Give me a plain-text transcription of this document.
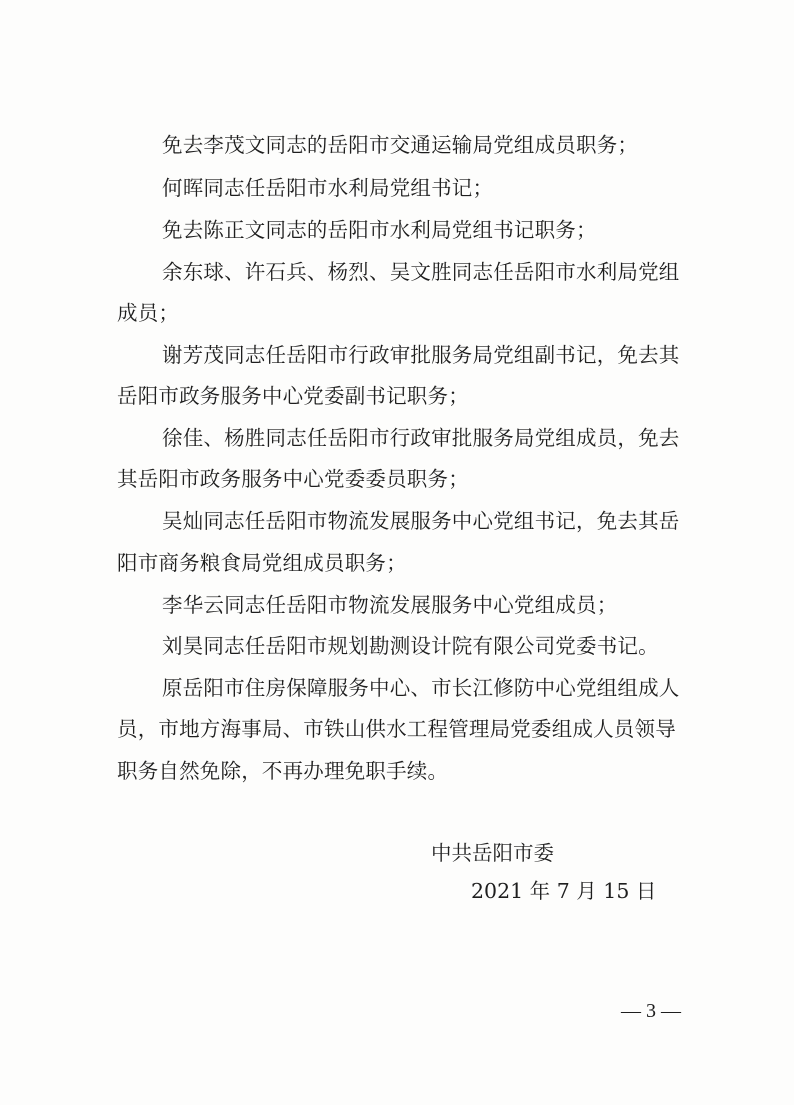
免去李茂文同志的岳阳市交通运输局党组成员职务；
何晖同志任岳阳市水利局党组书记；
免去陈正文同志的岳阳市水利局党组书记职务；
余东球、许石兵、杨烈、吴文胜同志任岳阳市水利局党组
成员；
谢芳茂同志任岳阳市行政审批服务局党组副书记，免去其
岳阳市政务服务中心党委副书记职务；
徐佳、杨胜同志任岳阳市行政审批服务局党组成员，免去
其岳阳市政务服务中心党委委员职务；
吴灿同志任岳阳市物流发展服务中心党组书记，免去其岳
阳市商务粮食局党组成员职务；
李华云同志任岳阳市物流发展服务中心党组成员；
刘昊同志任岳阳市规划勘测设计院有限公司党委书记。
原岳阳市住房保障服务中心、市长江修防中心党组组成人
员，市地方海事局、市铁山供水工程管理局党委组成人员领导
职务自然免除，不再办理免职手续。
中共岳阳市委
2021 年 7 月 15 日
— 3 —
